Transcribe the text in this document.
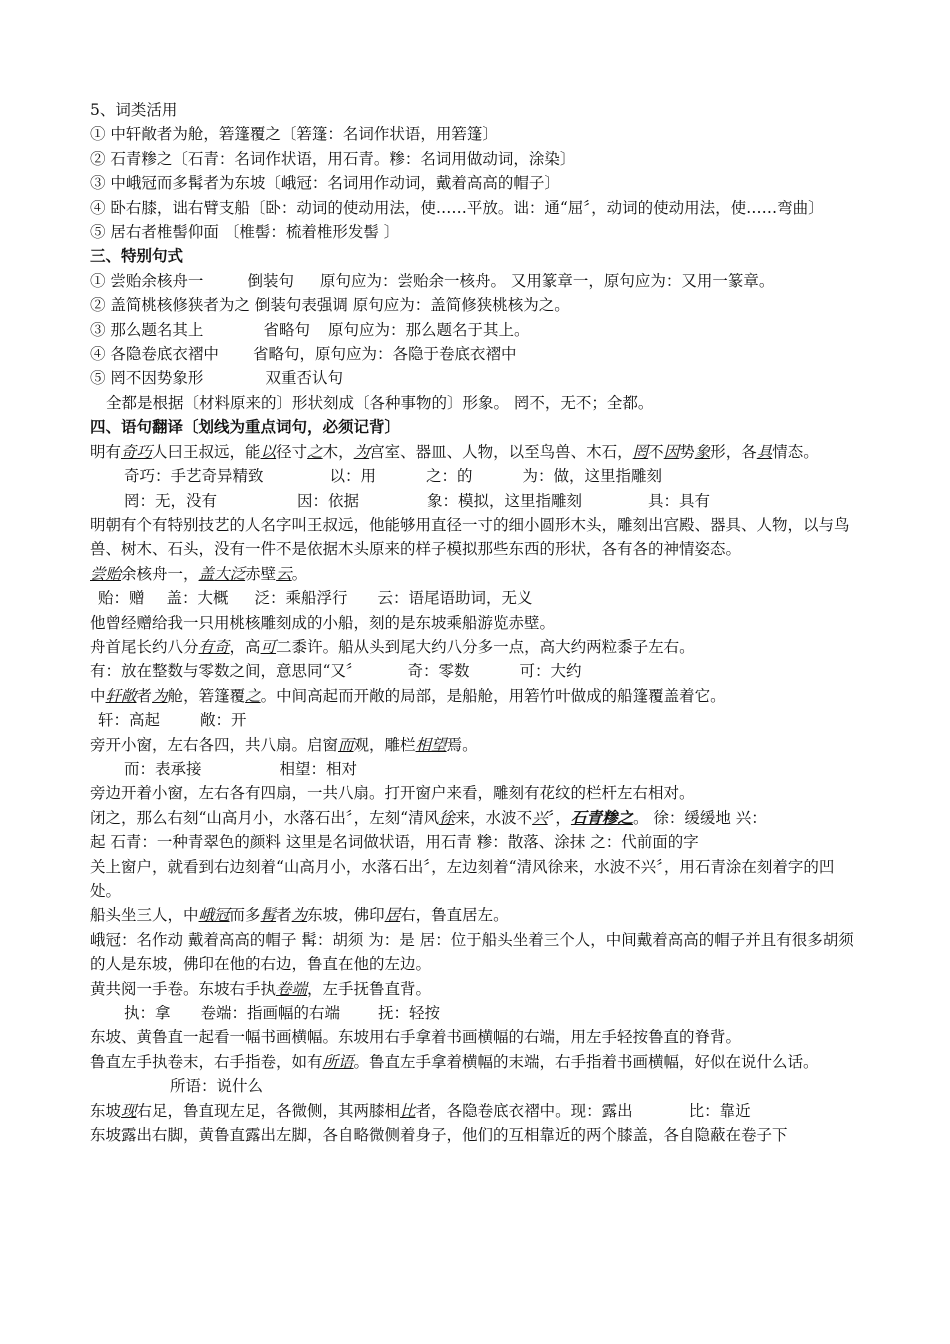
5、词类活用
① 中轩敞者为舱，箬篷覆之〔箬篷：名词作状语，用箬篷〕
② 石青糁之〔石青：名词作状语，用石青。糁：名词用做动词，涂染〕
③ 中峨冠而多髯者为东坡〔峨冠：名词用作动词，戴着高高的帽子〕
④ 卧右膝，诎右臂支船〔卧：动词的使动用法，使……平放。诎：通“屈〞，动词的使动用法，使……弯曲〕
⑤ 居右者椎髻仰面 〔椎髻：梳着椎形发髻 〕
三、特别句式
① 尝贻余核舟一	倒装句 原句应为：尝贻余一核舟。 又用篆章一，原句应为：又用一篆章。
② 盖简桃核修狭者为之 倒装句表强调 原句应为：盖简修狭桃核为之。
③ 那么题名其上	省略句 原句应为：那么题名于其上。
④ 各隐卷底衣褶中 省略句，原句应为：各隐于卷底衣褶中
⑤ 罔不因势象形	双重否认句
全都是根据〔材料原来的〕形状刻成〔各种事物的〕形象。 罔不，无不；全都。
四、语句翻译〔划线为重点词句，必须记背〕
明有奇巧人曰王叔远，能以径寸之木，为宫室、器皿、人物，以至鸟兽、木石，罔不因势象形，各具情态。
奇巧：手艺奇异精致	以：用	之：的	为：做，这里指雕刻
罔：无，没有	因：依据	象：模拟，这里指雕刻	具：具有
明朝有个有特别技艺的人名字叫王叔远，他能够用直径一寸的细小圆形木头，雕刻出宫殿、器具、人物，以与鸟兽、树木、石头，没有一件不是依据木头原来的样子模拟那些东西的形状，各有各的神情姿态。
尝贻余核舟一，盖大泛赤壁云。
贻：赠 盖：大概 泛：乘船浮行 云：语尾语助词，无义
他曾经赠给我一只用桃核雕刻成的小船，刻的是东坡乘船游览赤壁。
舟首尾长约八分有奇，高可二黍许。船从头到尾大约八分多一点，高大约两粒黍子左右。
有：放在整数与零数之间，意思同“又〞	奇：零数	可：大约
中轩敞者为舱，箬篷覆之。中间高起而开敞的局部，是船舱，用箬竹叶做成的船篷覆盖着它。
轩：高起	敞：开
旁开小窗，左右各四，共八扇。启窗而观，雕栏相望焉。
而：表承接	相望：相对
旁边开着小窗，左右各有四扇，一共八扇。打开窗户来看，雕刻有花纹的栏杆左右相对。
闭之，那么右刻“山高月小，水落石出〞，左刻“清风徐来，水波不兴〞，石青糁之。 徐：缓缓地 兴：
起 石青：一种青翠色的颜料 这里是名词做状语，用石青 糁：散落、涂抹 之：代前面的字
关上窗户，就看到右边刻着“山高月小，水落石出〞，左边刻着“清风徐来，水波不兴〞，用石青涂在刻着字的凹处。
船头坐三人，中峨冠而多髯者为东坡，佛印居右，鲁直居左。
峨冠：名作动 戴着高高的帽子 髯：胡须 为：是 居：位于船头坐着三个人，中间戴着高高的帽子并且有很多胡须的人是东坡，佛印在他的右边，鲁直在他的左边。
黄共阅一手卷。东坡右手执卷端，左手抚鲁直背。
执：拿 卷端：指画幅的右端 抚：轻按
东坡、黄鲁直一起看一幅书画横幅。东坡用右手拿着书画横幅的右端，用左手轻按鲁直的脊背。
鲁直左手执卷末，右手指卷，如有所语。鲁直左手拿着横幅的末端，右手指着书画横幅，好似在说什么话。
所语：说什么
东坡现右足，鲁直现左足，各微侧，其两膝相比者，各隐卷底衣褶中。现：露出	比：靠近
东坡露出右脚，黄鲁直露出左脚，各自略微侧着身子，他们的互相靠近的两个膝盖，各自隐蔽在卷子下
